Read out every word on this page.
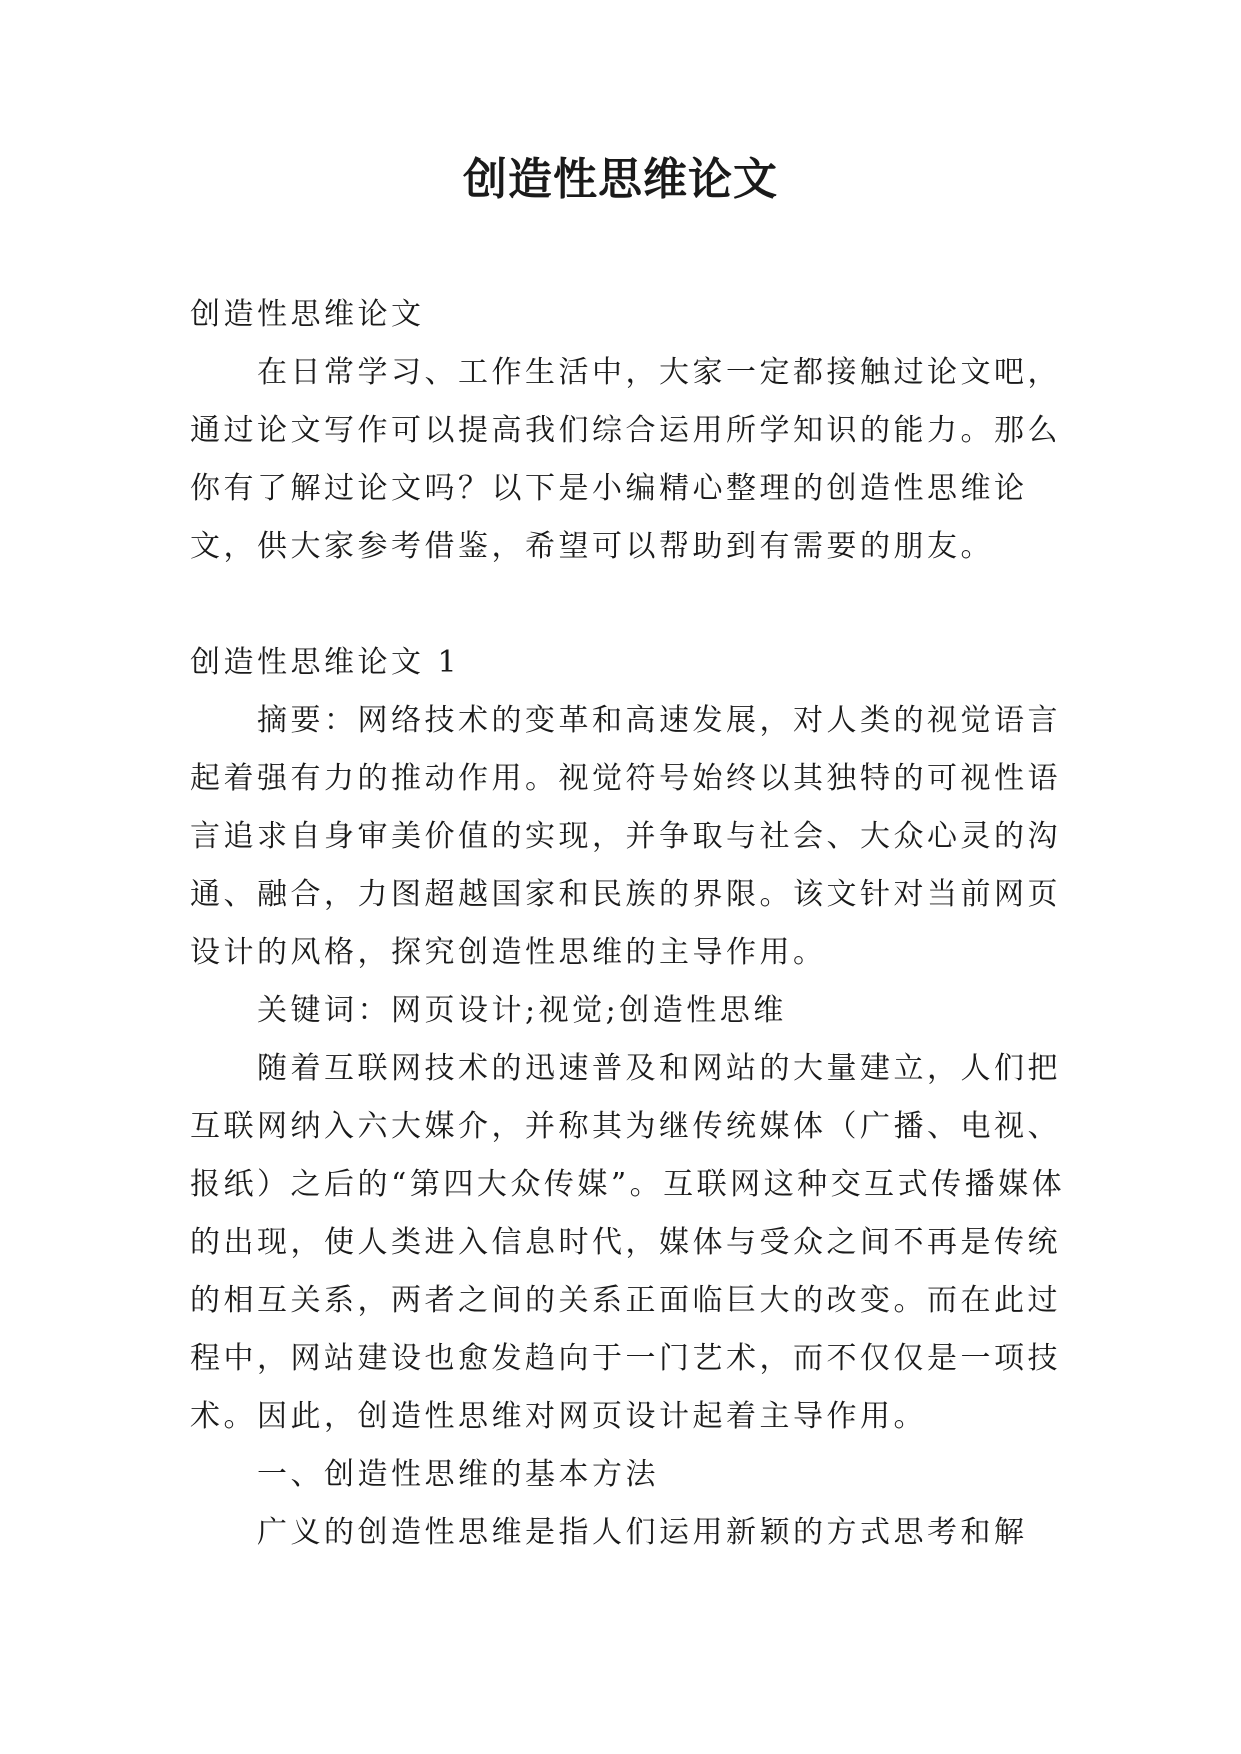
创造性思维论文

创造性思维论文

在日常学习、工作生活中，大家一定都接触过论文吧，通过论文写作可以提高我们综合运用所学知识的能力。那么你有了解过论文吗？以下是小编精心整理的创造性思维论文，供大家参考借鉴，希望可以帮助到有需要的朋友。

创造性思维论文 1

摘要：网络技术的变革和高速发展，对人类的视觉语言起着强有力的推动作用。视觉符号始终以其独特的可视性语言追求自身审美价值的实现，并争取与社会、大众心灵的沟通、融合，力图超越国家和民族的界限。该文针对当前网页设计的风格，探究创造性思维的主导作用。

关键词：网页设计;视觉;创造性思维

随着互联网技术的迅速普及和网站的大量建立，人们把互联网纳入六大媒介，并称其为继传统媒体（广播、电视、报纸）之后的“第四大众传媒”。互联网这种交互式传播媒体的出现，使人类进入信息时代，媒体与受众之间不再是传统的相互关系，两者之间的关系正面临巨大的改变。而在此过程中，网站建设也愈发趋向于一门艺术，而不仅仅是一项技术。因此，创造性思维对网页设计起着主导作用。

一、创造性思维的基本方法

广义的创造性思维是指人们运用新颖的方式思考和解
